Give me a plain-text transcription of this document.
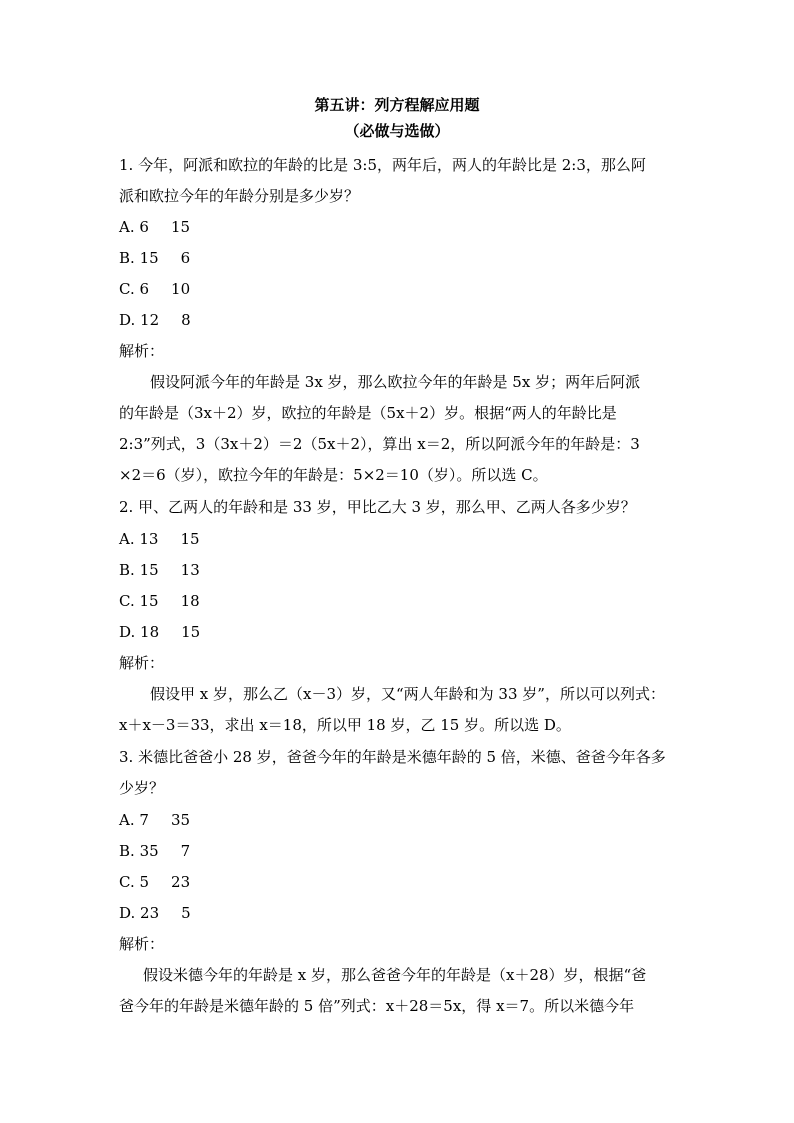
第五讲：列方程解应用题
（必做与选做）
1. 今年，阿派和欧拉的年龄的比是 3:5，两年后，两人的年龄比是 2:3，那么阿
派和欧拉今年的年龄分别是多少岁？
A. 6 15
B. 15 6
C. 6 10
D. 12 8
解析：
假设阿派今年的年龄是 3x 岁，那么欧拉今年的年龄是 5x 岁；两年后阿派
的年龄是（3x＋2）岁，欧拉的年龄是（5x＋2）岁。根据“两人的年龄比是
2:3”列式，3（3x＋2）＝2（5x＋2），算出 x＝2，所以阿派今年的年龄是：3
×2＝6（岁），欧拉今年的年龄是：5×2＝10（岁）。所以选 C。
2. 甲、乙两人的年龄和是 33 岁，甲比乙大 3 岁，那么甲、乙两人各多少岁？
A. 13 15
B. 15 13
C. 15 18
D. 18 15
解析：
假设甲 x 岁，那么乙（x－3）岁，又“两人年龄和为 33 岁”，所以可以列式：
x＋x－3＝33，求出 x＝18，所以甲 18 岁，乙 15 岁。所以选 D。
3. 米德比爸爸小 28 岁，爸爸今年的年龄是米德年龄的 5 倍，米德、爸爸今年各多
少岁？
A. 7 35
B. 35 7
C. 5 23
D. 23 5
解析：
假设米德今年的年龄是 x 岁，那么爸爸今年的年龄是（x＋28）岁，根据“爸
爸今年的年龄是米德年龄的 5 倍”列式：x＋28＝5x，得 x＝7。所以米德今年
